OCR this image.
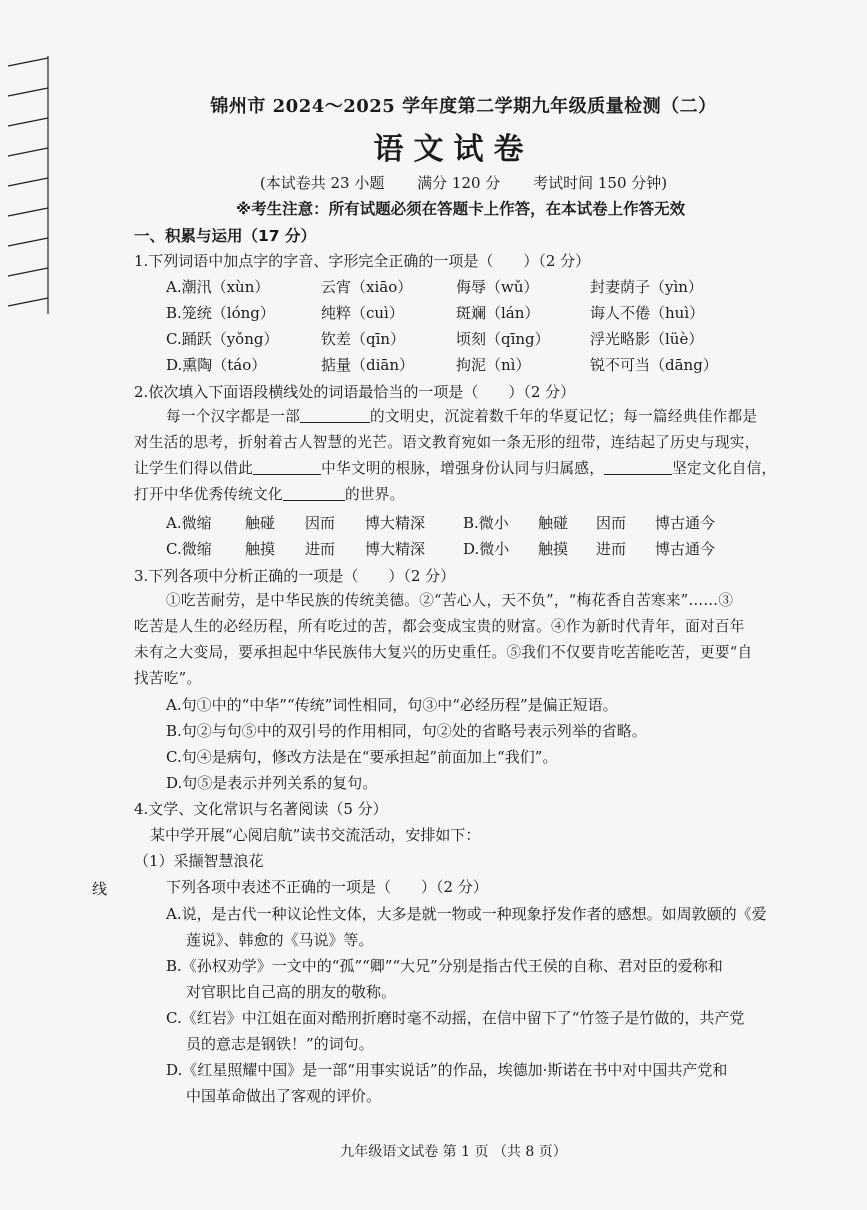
锦州市 2024～2025 学年度第二学期九年级质量检测（二）
语文试卷
(本试卷共 23 小题 满分 120 分 考试时间 150 分钟)
※考生注意：所有试题必须在答题卡上作答，在本试卷上作答无效
一、积累与运用（17 分）
1.下列词语中加点字的字音、字形完全正确的一项是（　　）（2 分）
A.潮汛（xùn）	云宵（xiāo）	侮辱（wǔ）	封妻荫子（yìn）
B.笼统（lóng）	纯粹（cuì）	斑斓（lán）	诲人不倦（huì）
C.踊跃（yǒng）	钦差（qīn）	顷刻（qīng）	浮光略影（lüè）
D.熏陶（táo）	掂量（diān）	拘泥（nì）	锐不可当（dāng）
2.依次填入下面语段横线处的词语最恰当的一项是（　　）（2 分）
每一个汉字都是一部	的文明史，沉淀着数千年的华夏记忆；每一篇经典佳作都是
对生活的思考，折射着古人智慧的光芒。语文教育宛如一条无形的纽带，连结起了历史与现实，
让学生们得以借此	中华文明的根脉，增强身份认同与归属感，	坚定文化自信，
打开中华优秀传统文化	的世界。
A.微缩 触碰 因而 博大精深	B.微小 触碰 因而 博古通今
C.微缩 触摸 进而 博大精深	D.微小 触摸 进而 博古通今
3.下列各项中分析正确的一项是（　　）（2 分）
①吃苦耐劳，是中华民族的传统美德。②“苦心人，天不负”，“梅花香自苦寒来”……③
吃苦是人生的必经历程，所有吃过的苦，都会变成宝贵的财富。④作为新时代青年，面对百年
未有之大变局，要承担起中华民族伟大复兴的历史重任。⑤我们不仅要肯吃苦能吃苦，更要“自
找苦吃”。
A.句①中的“中华”“传统”词性相同，句③中“必经历程”是偏正短语。
B.句②与句⑤中的双引号的作用相同，句②处的省略号表示列举的省略。
C.句④是病句，修改方法是在“要承担起”前面加上“我们”。
D.句⑤是表示并列关系的复句。
4.文学、文化常识与名著阅读（5 分）
某中学开展“心阅启航”读书交流活动，安排如下：
（1）采撷智慧浪花
线	下列各项中表述不正确的一项是（　　）（2 分）
A.说，是古代一种议论性文体，大多是就一物或一种现象抒发作者的感想。如周敦颐的《爱
莲说》、韩愈的《马说》等。
B.《孙权劝学》一文中的“孤”“卿”“大兄”分别是指古代王侯的自称、君对臣的爱称和
对官职比自己高的朋友的敬称。
C.《红岩》中江姐在面对酷刑折磨时毫不动摇，在信中留下了“竹签子是竹做的，共产党
员的意志是钢铁！”的词句。
D.《红星照耀中国》是一部“用事实说话”的作品，埃德加·斯诺在书中对中国共产党和
中国革命做出了客观的评价。
九年级语文试卷 第 1 页 （共 8 页）
